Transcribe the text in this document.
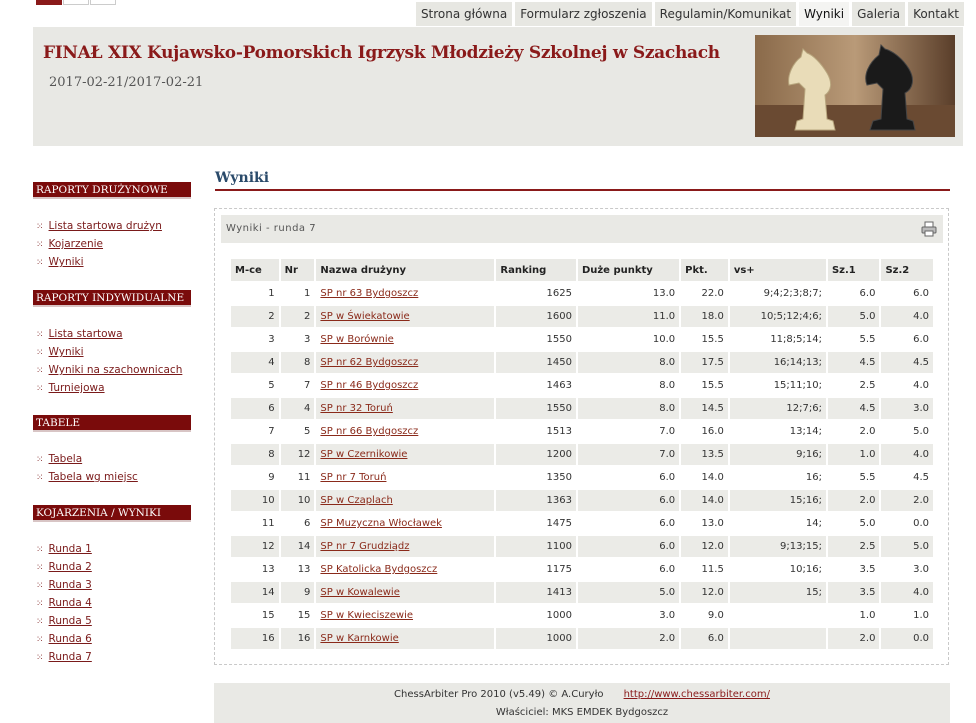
Strona główna	Formularz zgłoszenia	Regulamin/Komunikat	Wyniki	Galeria	Kontakt
FINAŁ XIX Kujawsko-Pomorskich Igrzysk Młodzieży Szkolnej w Szachach
2017-02-21/2017-02-21
RAPORTY DRUŻYNOWE
⁙ Lista startowa drużyn
⁙ Kojarzenie
⁙ Wyniki
RAPORTY INDYWIDUALNE
⁙ Lista startowa
⁙ Wyniki
⁙ Wyniki na szachownicach
⁙ Turniejowa
TABELE
⁙ Tabela
⁙ Tabela wg miejsc
KOJARZENIA / WYNIKI
⁙ Runda 1
⁙ Runda 2
⁙ Runda 3
⁙ Runda 4
⁙ Runda 5
⁙ Runda 6
⁙ Runda 7
Wyniki
Wyniki - runda 7
M-ce	Nr	Nazwa drużyny	Ranking	Duże punkty	Pkt.	vs+	Sz.1	Sz.2
1	1	SP nr 63 Bydgoszcz	1625	13.0	22.0	9;4;2;3;8;7;	6.0	6.0
2	2	SP w Świekatowie	1600	11.0	18.0	10;5;12;4;6;	5.0	4.0
3	3	SP w Borównie	1550	10.0	15.5	11;8;5;14;	5.5	6.0
4	8	SP nr 62 Bydgoszcz	1450	8.0	17.5	16;14;13;	4.5	4.5
5	7	SP nr 46 Bydgoszcz	1463	8.0	15.5	15;11;10;	2.5	4.0
6	4	SP nr 32 Toruń	1550	8.0	14.5	12;7;6;	4.5	3.0
7	5	SP nr 66 Bydgoszcz	1513	7.0	16.0	13;14;	2.0	5.0
8	12	SP w Czernikowie	1200	7.0	13.5	9;16;	1.0	4.0
9	11	SP nr 7 Toruń	1350	6.0	14.0	16;	5.5	4.5
10	10	SP w Czaplach	1363	6.0	14.0	15;16;	2.0	2.0
11	6	SP Muzyczna Włocławek	1475	6.0	13.0	14;	5.0	0.0
12	14	SP nr 7 Grudziądz	1100	6.0	12.0	9;13;15;	2.5	5.0
13	13	SP Katolicka Bydgoszcz	1175	6.0	11.5	10;16;	3.5	3.0
14	9	SP w Kowalewie	1413	5.0	12.0	15;	3.5	4.0
15	15	SP w Kwieciszewie	1000	3.0	9.0		1.0	1.0
16	16	SP w Karnkowie	1000	2.0	6.0		2.0	0.0
ChessArbiter Pro 2010 (v5.49) © A.Curyło http://www.chessarbiter.com/
Właściciel: MKS EMDEK Bydgoszcz
